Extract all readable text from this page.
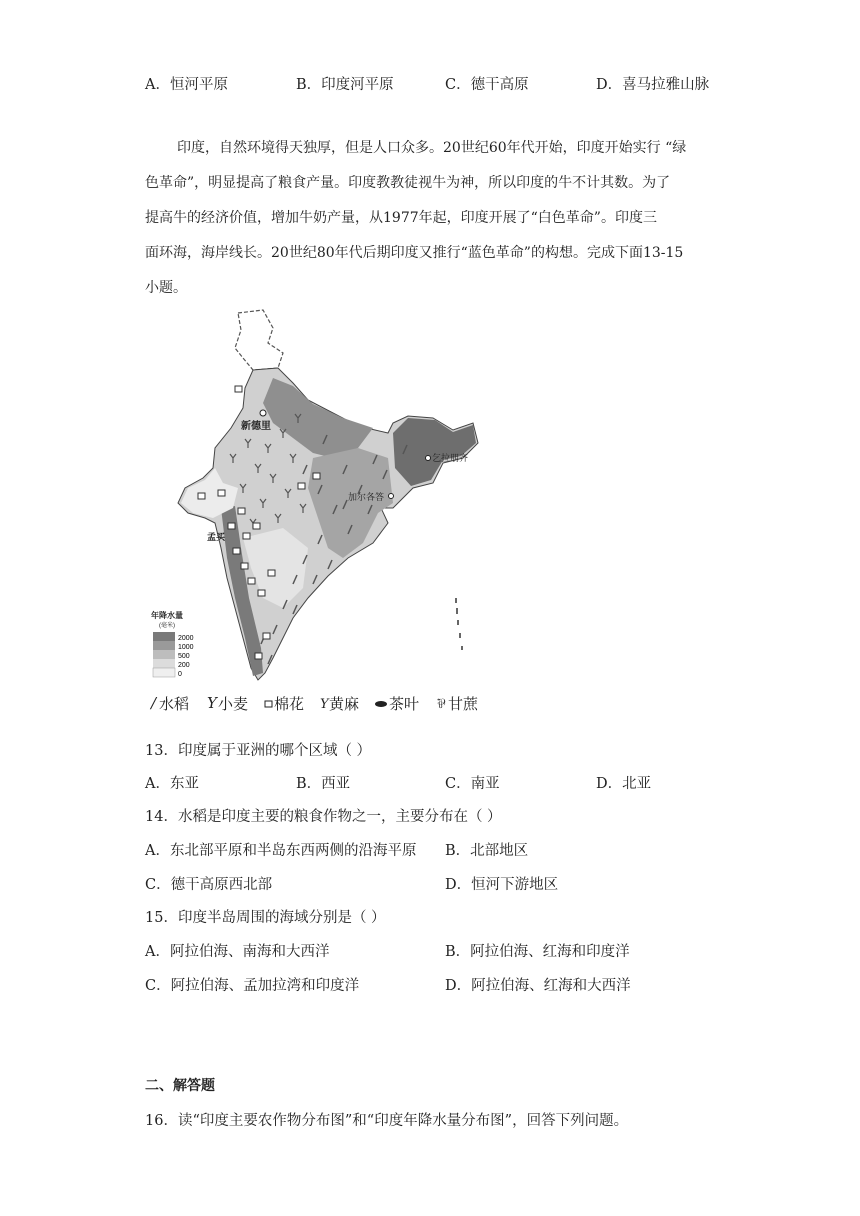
A．恒河平原	B．印度河平原	C．德干高原	D．喜马拉雅山脉
印度，自然环境得天独厚，但是人口众多。20世纪60年代开始，印度开始实行 “绿
色革命”，明显提高了粮食产量。印度教教徒视牛为神，所以印度的牛不计其数。为了
提高牛的经济价值，增加牛奶产量，从1977年起，印度开展了“白色革命”。印度三
面环海，海岸线长。20世纪80年代后期印度又推行“蓝色革命”的构想。完成下面13-15
小题。
新德里
乞拉朋齐
加尔各答
孟买
年降水量
(毫米)
2000
1000
500
200
0
/ 水稻 Y 小麦 棉花 Y 黄麻 茶叶 ⅌ 甘蔗
13．印度属于亚洲的哪个区域（ ）
A．东亚	B．西亚	C．南亚	D．北亚
14．水稻是印度主要的粮食作物之一，主要分布在（ ）
A．东北部平原和半岛东西两侧的沿海平原 B．北部地区
C．德干高原西北部	D．恒河下游地区
15．印度半岛周围的海域分别是（ ）
A．阿拉伯海、南海和大西洋	B．阿拉伯海、红海和印度洋
C．阿拉伯海、孟加拉湾和印度洋	D．阿拉伯海、红海和大西洋
二、解答题
16．读“印度主要农作物分布图”和“印度年降水量分布图”，回答下列问题。
